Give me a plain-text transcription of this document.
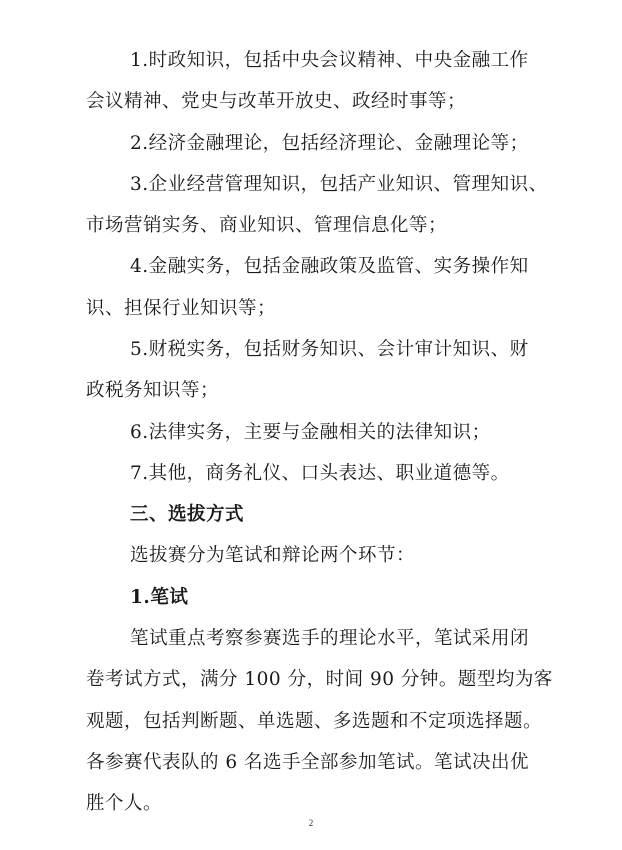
1.时政知识，包括中央会议精神、中央金融工作
会议精神、党史与改革开放史、政经时事等；
2.经济金融理论，包括经济理论、金融理论等；
3.企业经营管理知识，包括产业知识、管理知识、
市场营销实务、商业知识、管理信息化等；
4.金融实务，包括金融政策及监管、实务操作知
识、担保行业知识等；
5.财税实务，包括财务知识、会计审计知识、财
政税务知识等；
6.法律实务，主要与金融相关的法律知识；
7.其他，商务礼仪、口头表达、职业道德等。
三、选拔方式
选拔赛分为笔试和辩论两个环节：
1.笔试
笔试重点考察参赛选手的理论水平，笔试采用闭
卷考试方式，满分 100 分，时间 90 分钟。题型均为客
观题，包括判断题、单选题、多选题和不定项选择题。
各参赛代表队的 6 名选手全部参加笔试。笔试决出优
胜个人。
2
